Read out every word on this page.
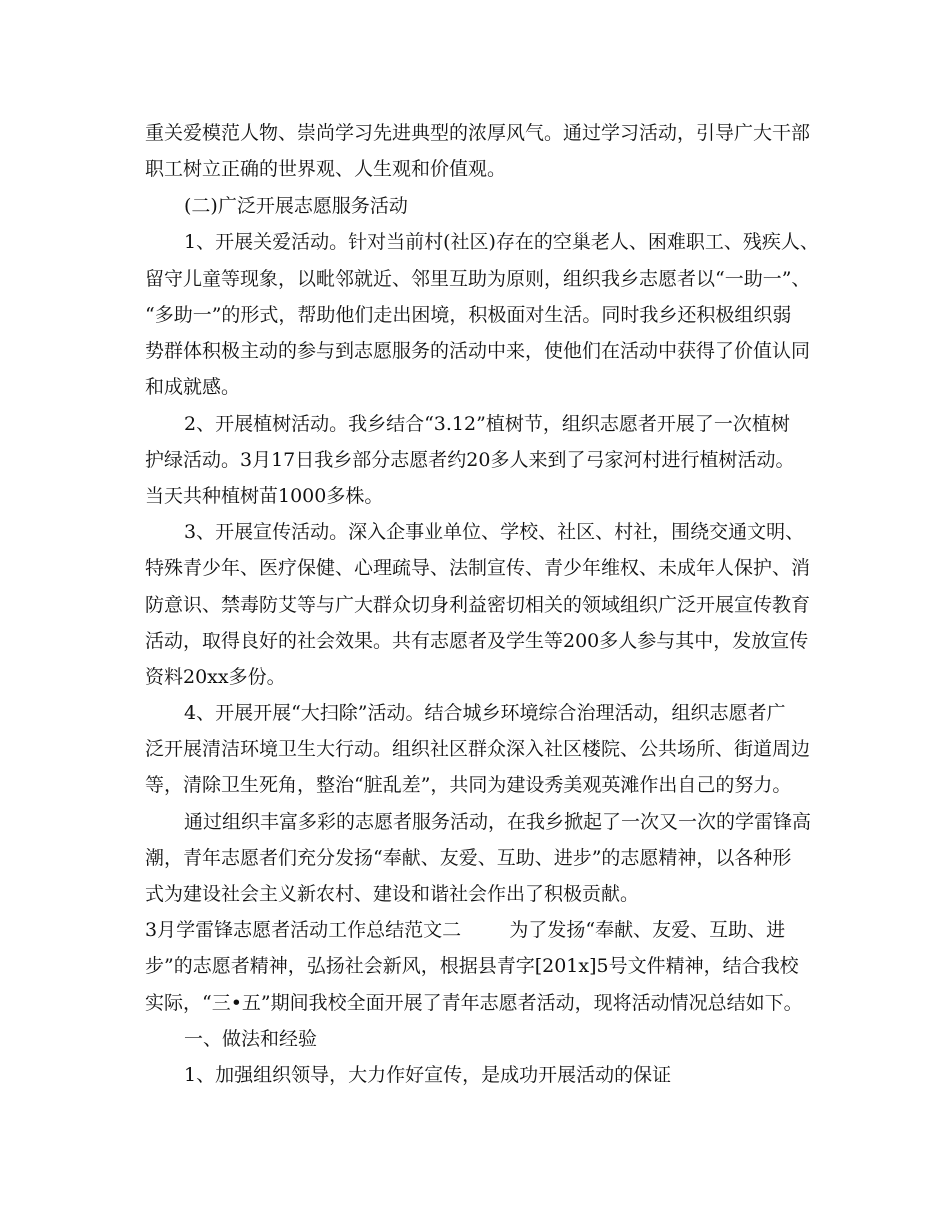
重关爱模范人物、崇尚学习先进典型的浓厚风气。通过学习活动，引导广大干部
职工树立正确的世界观、人生观和价值观。
(二)广泛开展志愿服务活动
1、开展关爱活动。针对当前村(社区)存在的空巢老人、困难职工、残疾人、
留守儿童等现象，以毗邻就近、邻里互助为原则，组织我乡志愿者以“一助一”、
“多助一”的形式，帮助他们走出困境，积极面对生活。同时我乡还积极组织弱
势群体积极主动的参与到志愿服务的活动中来，使他们在活动中获得了价值认同
和成就感。
2、开展植树活动。我乡结合“3.12”植树节，组织志愿者开展了一次植树
护绿活动。3月17日我乡部分志愿者约20多人来到了弓家河村进行植树活动。
当天共种植树苗1000多株。
3、开展宣传活动。深入企事业单位、学校、社区、村社，围绕交通文明、
特殊青少年、医疗保健、心理疏导、法制宣传、青少年维权、未成年人保护、消
防意识、禁毒防艾等与广大群众切身利益密切相关的领域组织广泛开展宣传教育
活动，取得良好的社会效果。共有志愿者及学生等200多人参与其中，发放宣传
资料20xx多份。
4、开展开展“大扫除”活动。结合城乡环境综合治理活动，组织志愿者广
泛开展清洁环境卫生大行动。组织社区群众深入社区楼院、公共场所、街道周边
等，清除卫生死角，整治“脏乱差”，共同为建设秀美观英滩作出自己的努力。
通过组织丰富多彩的志愿者服务活动，在我乡掀起了一次又一次的学雷锋高
潮，青年志愿者们充分发扬“奉献、友爱、互助、进步”的志愿精神，以各种形
式为建设社会主义新农村、建设和谐社会作出了积极贡献。
3月学雷锋志愿者活动工作总结范文二        为了发扬“奉献、友爱、互助、进
步”的志愿者精神，弘扬社会新风，根据县青字[201x]5号文件精神，结合我校
实际，“三•五”期间我校全面开展了青年志愿者活动，现将活动情况总结如下。
一、做法和经验
1、加强组织领导，大力作好宣传，是成功开展活动的保证
